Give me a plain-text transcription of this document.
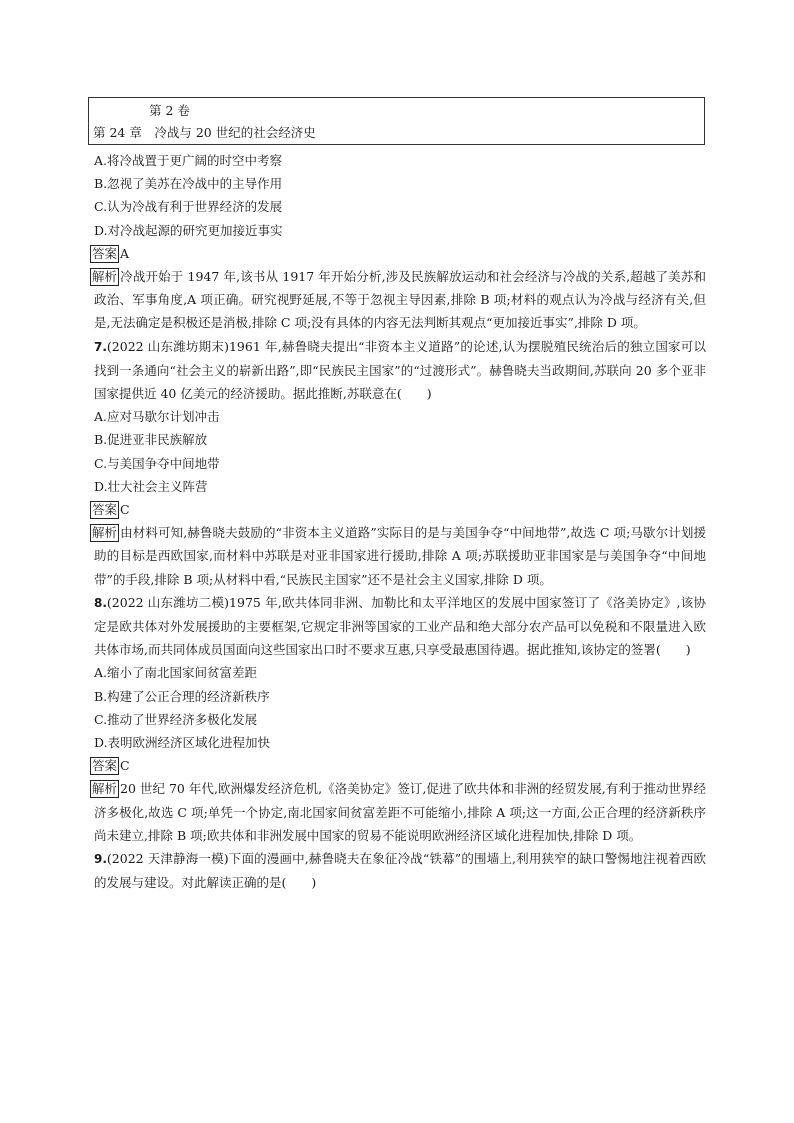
第 2 卷
第 24 章　冷战与 20 世纪的社会经济史
A.将冷战置于更广阔的时空中考察
B.忽视了美苏在冷战中的主导作用
C.认为冷战有利于世界经济的发展
D.对冷战起源的研究更加接近事实
答案 A
解析 冷战开始于 1947 年,该书从 1917 年开始分析,涉及民族解放运动和社会经济与冷战的关系,超越了美苏和政治、军事角度,A 项正确。研究视野延展,不等于忽视主导因素,排除 B 项;材料的观点认为冷战与经济有关,但是,无法确定是积极还是消极,排除 C 项;没有具体的内容无法判断其观点“更加接近事实”,排除 D 项。
7.(2022 山东潍坊期末)1961 年,赫鲁晓夫提出“非资本主义道路”的论述,认为摆脱殖民统治后的独立国家可以找到一条通向“社会主义的崭新出路”,即“民族民主国家”的“过渡形式”。赫鲁晓夫当政期间,苏联向 20 多个亚非国家提供近 40 亿美元的经济援助。据此推断,苏联意在(　　)
A.应对马歇尔计划冲击
B.促进亚非民族解放
C.与美国争夺中间地带
D.壮大社会主义阵营
答案 C
解析 由材料可知,赫鲁晓夫鼓励的“非资本主义道路”实际目的是与美国争夺“中间地带”,故选 C 项;马歇尔计划援助的目标是西欧国家,而材料中苏联是对亚非国家进行援助,排除 A 项;苏联援助亚非国家是与美国争夺“中间地带”的手段,排除 B 项;从材料中看,“民族民主国家”还不是社会主义国家,排除 D 项。
8.(2022 山东潍坊二模)1975 年,欧共体同非洲、加勒比和太平洋地区的发展中国家签订了《洛美协定》,该协定是欧共体对外发展援助的主要框架,它规定非洲等国家的工业产品和绝大部分农产品可以免税和不限量进入欧共体市场,而共同体成员国面向这些国家出口时不要求互惠,只享受最惠国待遇。据此推知,该协定的签署(　　)
A.缩小了南北国家间贫富差距
B.构建了公正合理的经济新秩序
C.推动了世界经济多极化发展
D.表明欧洲经济区域化进程加快
答案 C
解析 20 世纪 70 年代,欧洲爆发经济危机,《洛美协定》签订,促进了欧共体和非洲的经贸发展,有利于推动世界经济多极化,故选 C 项;单凭一个协定,南北国家间贫富差距不可能缩小,排除 A 项;这一方面,公正合理的经济新秩序尚未建立,排除 B 项;欧共体和非洲发展中国家的贸易不能说明欧洲经济区域化进程加快,排除 D 项。
9.(2022 天津静海一模)下面的漫画中,赫鲁晓夫在象征冷战“铁幕”的围墙上,利用狭窄的缺口警惕地注视着西欧的发展与建设。对此解读正确的是(　　)
